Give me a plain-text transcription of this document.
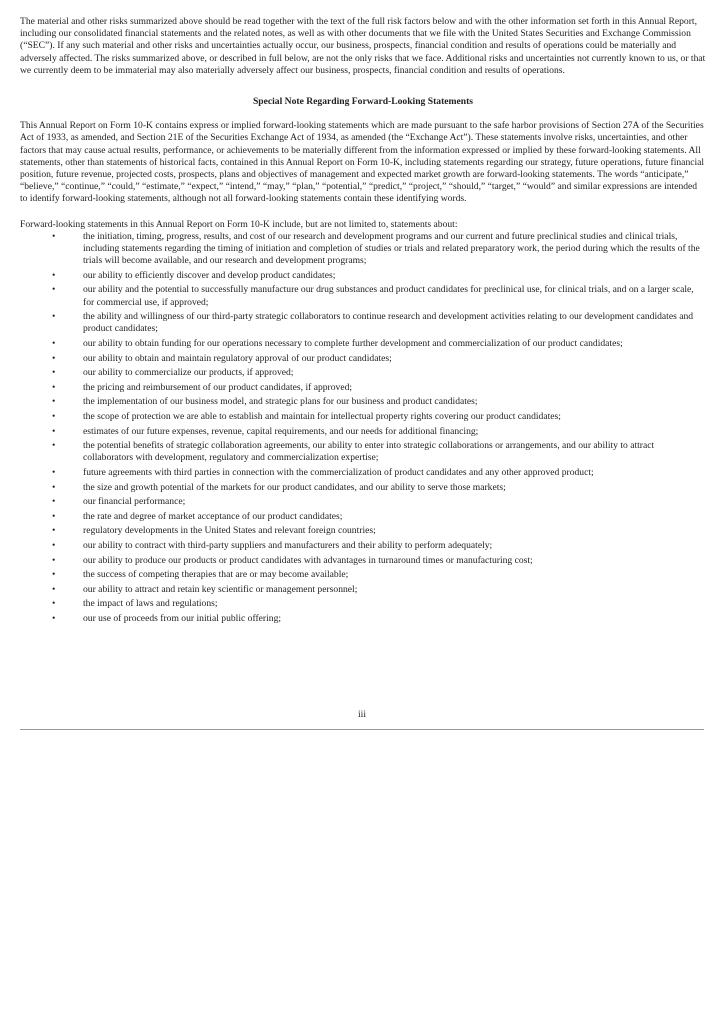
The material and other risks summarized above should be read together with the text of the full risk factors below and with the other information set forth in this Annual Report, including our consolidated financial statements and the related notes, as well as with other documents that we file with the United States Securities and Exchange Commission (“SEC”). If any such material and other risks and uncertainties actually occur, our business, prospects, financial condition and results of operations could be materially and adversely affected. The risks summarized above, or described in full below, are not the only risks that we face. Additional risks and uncertainties not currently known to us, or that we currently deem to be immaterial may also materially adversely affect our business, prospects, financial condition and results of operations.

Special Note Regarding Forward-Looking Statements

This Annual Report on Form 10-K contains express or implied forward-looking statements which are made pursuant to the safe harbor provisions of Section 27A of the Securities Act of 1933, as amended, and Section 21E of the Securities Exchange Act of 1934, as amended (the “Exchange Act”). These statements involve risks, uncertainties, and other factors that may cause actual results, performance, or achievements to be materially different from the information expressed or implied by these forward-looking statements. All statements, other than statements of historical facts, contained in this Annual Report on Form 10-K, including statements regarding our strategy, future operations, future financial position, future revenue, projected costs, prospects, plans and objectives of management and expected market growth are forward-looking statements. The words “anticipate,” “believe,” “continue,” “could,” “estimate,” “expect,” “intend,” “may,” “plan,” “potential,” “predict,” “project,” “should,” “target,” “would” and similar expressions are intended to identify forward-looking statements, although not all forward-looking statements contain these identifying words.

Forward-looking statements in this Annual Report on Form 10-K include, but are not limited to, statements about:

•	the initiation, timing, progress, results, and cost of our research and development programs and our current and future preclinical studies and clinical trials, including statements regarding the timing of initiation and completion of studies or trials and related preparatory work, the period during which the results of the trials will become available, and our research and development programs;
•	our ability to efficiently discover and develop product candidates;
•	our ability and the potential to successfully manufacture our drug substances and product candidates for preclinical use, for clinical trials, and on a larger scale, for commercial use, if approved;
•	the ability and willingness of our third-party strategic collaborators to continue research and development activities relating to our development candidates and product candidates;
•	our ability to obtain funding for our operations necessary to complete further development and commercialization of our product candidates;
•	our ability to obtain and maintain regulatory approval of our product candidates;
•	our ability to commercialize our products, if approved;
•	the pricing and reimbursement of our product candidates, if approved;
•	the implementation of our business model, and strategic plans for our business and product candidates;
•	the scope of protection we are able to establish and maintain for intellectual property rights covering our product candidates;
•	estimates of our future expenses, revenue, capital requirements, and our needs for additional financing;
•	the potential benefits of strategic collaboration agreements, our ability to enter into strategic collaborations or arrangements, and our ability to attract collaborators with development, regulatory and commercialization expertise;
•	future agreements with third parties in connection with the commercialization of product candidates and any other approved product;
•	the size and growth potential of the markets for our product candidates, and our ability to serve those markets;
•	our financial performance;
•	the rate and degree of market acceptance of our product candidates;
•	regulatory developments in the United States and relevant foreign countries;
•	our ability to contract with third-party suppliers and manufacturers and their ability to perform adequately;
•	our ability to produce our products or product candidates with advantages in turnaround times or manufacturing cost;
•	the success of competing therapies that are or may become available;
•	our ability to attract and retain key scientific or management personnel;
•	the impact of laws and regulations;
•	our use of proceeds from our initial public offering;
iii
